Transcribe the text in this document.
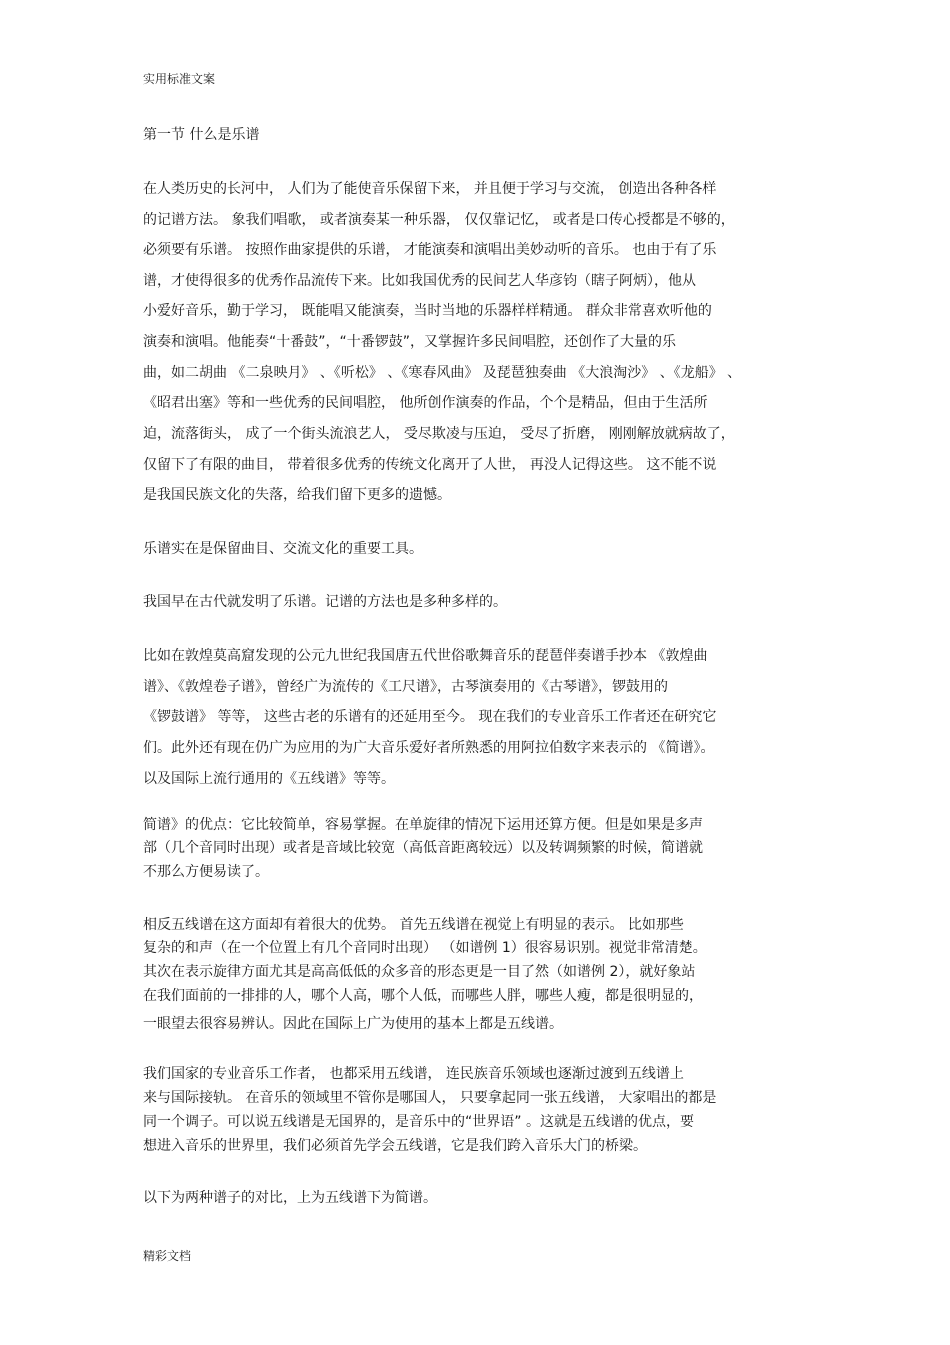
实用标准文案
第一节 什么是乐谱
在人类历史的长河中， 人们为了能使音乐保留下来， 并且便于学习与交流， 创造出各种各样
的记谱方法。 象我们唱歌， 或者演奏某一种乐器， 仅仅靠记忆， 或者是口传心授都是不够的，
必须要有乐谱。 按照作曲家提供的乐谱， 才能演奏和演唱出美妙动听的音乐。 也由于有了乐
谱，才使得很多的优秀作品流传下来。比如我国优秀的民间艺人华彦钧（瞎子阿炳），他从
小爱好音乐，勤于学习， 既能唱又能演奏，当时当地的乐器样样精通。 群众非常喜欢听他的
演奏和演唱。他能奏“十番鼓”，“十番锣鼓”，又掌握许多民间唱腔，还创作了大量的乐
曲，如二胡曲 《二泉映月》 、《听松》 、《寒春风曲》 及琵琶独奏曲 《大浪淘沙》 、《龙船》 、
《昭君出塞》等和一些优秀的民间唱腔， 他所创作演奏的作品，个个是精品，但由于生活所
迫，流落街头， 成了一个街头流浪艺人， 受尽欺凌与压迫， 受尽了折磨， 刚刚解放就病故了，
仅留下了有限的曲目， 带着很多优秀的传统文化离开了人世， 再没人记得这些。 这不能不说
是我国民族文化的失落，给我们留下更多的遗憾。
乐谱实在是保留曲目、交流文化的重要工具。
我国早在古代就发明了乐谱。记谱的方法也是多种多样的。
比如在敦煌莫高窟发现的公元九世纪我国唐五代世俗歌舞音乐的琵琶伴奏谱手抄本 《敦煌曲
谱》、《敦煌卷子谱》，曾经广为流传的《工尺谱》，古琴演奏用的《古琴谱》，锣鼓用的
《锣鼓谱》 等等， 这些古老的乐谱有的还延用至今。 现在我们的专业音乐工作者还在研究它
们。此外还有现在仍广为应用的为广大音乐爱好者所熟悉的用阿拉伯数字来表示的 《简谱》。
以及国际上流行通用的《五线谱》等等。
简谱》的优点：它比较简单，容易掌握。在单旋律的情况下运用还算方便。但是如果是多声
部（几个音同时出现）或者是音域比较宽（高低音距离较远）以及转调频繁的时候，简谱就
不那么方便易读了。
相反五线谱在这方面却有着很大的优势。 首先五线谱在视觉上有明显的表示。 比如那些
复杂的和声（在一个位置上有几个音同时出现） （如谱例 1）很容易识别。视觉非常清楚。
其次在表示旋律方面尤其是高高低低的众多音的形态更是一目了然（如谱例 2），就好象站
在我们面前的一排排的人，哪个人高，哪个人低，而哪些人胖，哪些人瘦，都是很明显的，
一眼望去很容易辨认。因此在国际上广为使用的基本上都是五线谱。
我们国家的专业音乐工作者， 也都采用五线谱， 连民族音乐领域也逐渐过渡到五线谱上
来与国际接轨。 在音乐的领域里不管你是哪国人， 只要拿起同一张五线谱， 大家唱出的都是
同一个调子。可以说五线谱是无国界的，是音乐中的“世界语” 。这就是五线谱的优点，要
想进入音乐的世界里，我们必须首先学会五线谱，它是我们跨入音乐大门的桥梁。
以下为两种谱子的对比，上为五线谱下为简谱。
精彩文档
